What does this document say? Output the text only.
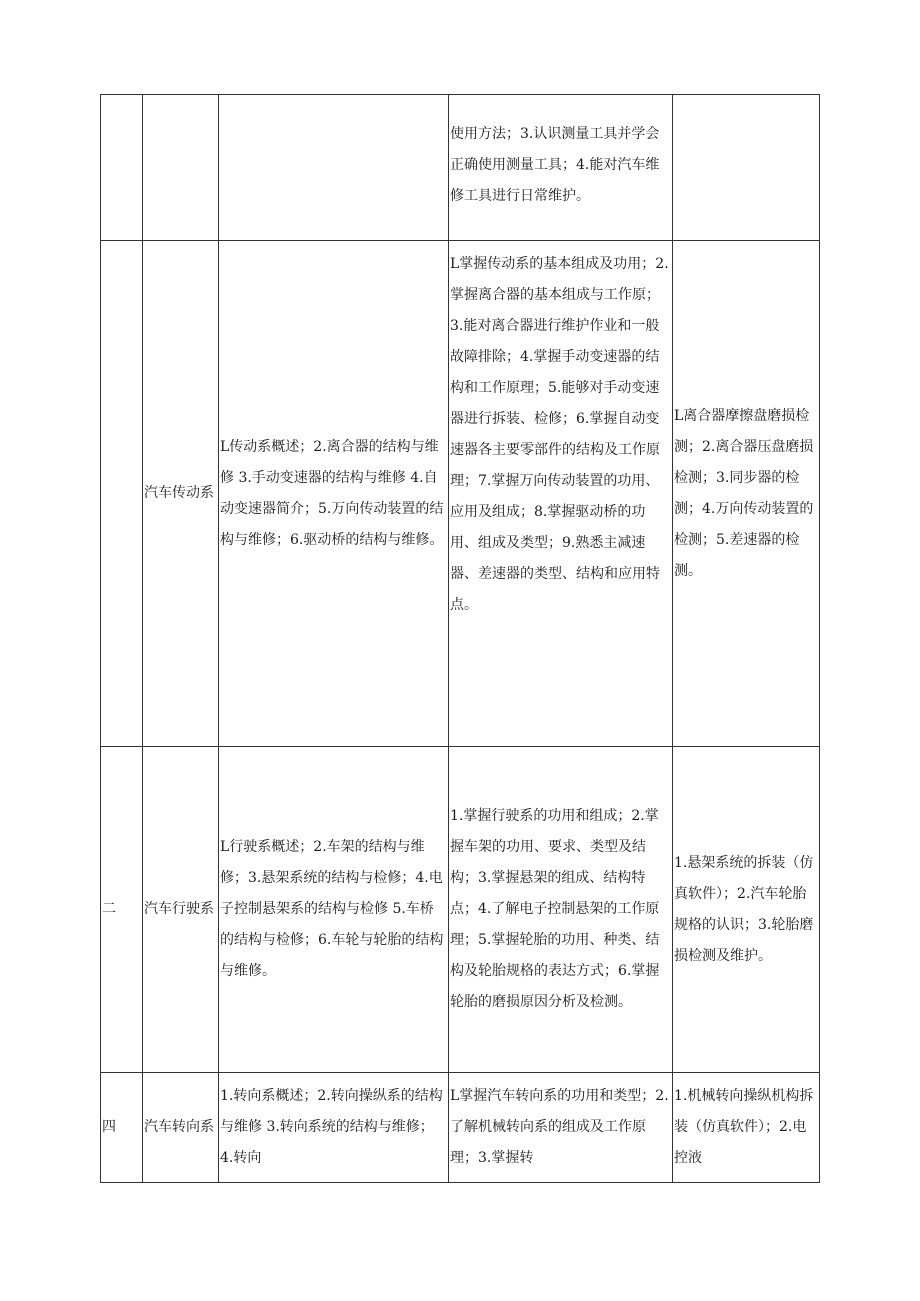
			使用方法；3.认识测量工具并学会正确使用测量工具；4.能对汽车维修工具进行日常维护。	
	汽车传动系	L传动系概述；2.离合器的结构与维修 3.手动变速器的结构与维修 4.自动变速器简介；5.万向传动装置的结构与维修；6.驱动桥的结构与维修。	L掌握传动系的基本组成及功用；2.掌握离合器的基本组成与工作原；3.能对离合器进行维护作业和一般故障排除；4.掌握手动变速器的结构和工作原理；5.能够对手动变速器进行拆装、检修；6.掌握自动变速器各主要零部件的结构及工作原理；7.掌握万向传动装置的功用、应用及组成；8.掌握驱动桥的功用、组成及类型；9.熟悉主减速器、差速器的类型、结构和应用特点。	L离合器摩擦盘磨损检测；2.离合器压盘磨损检测；3.同步器的检测；4.万向传动装置的检测；5.差速器的检测。
二	汽车行驶系	L行驶系概述；2.车架的结构与维修；3.悬架系统的结构与检修；4.电子控制悬架系的结构与检修 5.车桥的结构与检修；6.车轮与轮胎的结构与维修。	1.掌握行驶系的功用和组成；2.掌握车架的功用、要求、类型及结构；3.掌握悬架的组成、结构特点；4.了解电子控制悬架的工作原理；5.掌握轮胎的功用、种类、结构及轮胎规格的表达方式；6.掌握轮胎的磨损原因分析及检测。	1.悬架系统的拆装（仿真软件）；2.汽车轮胎规格的认识；3.轮胎磨损检测及维护。
四	汽车转向系	1.转向系概述；2.转向操纵系的结构与维修 3.转向系统的结构与维修；4.转向	L掌握汽车转向系的功用和类型；2.了解机械转向系的组成及工作原理；3.掌握转	1.机械转向操纵机构拆装（仿真软件）；2.电控液
